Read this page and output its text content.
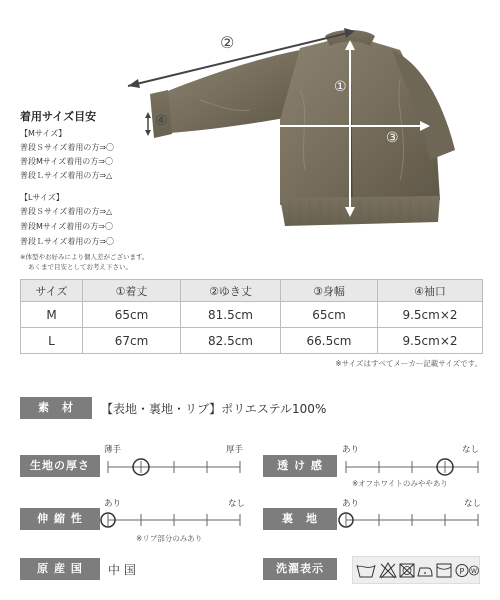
②
①
③
④
着用サイズ目安
【Mサイズ】
普段Ｓサイズ着用の方⇒〇
普段Mサイズ着用の方⇒〇
普段Ｌサイズ着用の方⇒△
【Lサイズ】
普段Ｓサイズ着用の方⇒△
普段Mサイズ着用の方⇒〇
普段Ｌサイズ着用の方⇒〇
※体型やお好みにより個人差がございます。
あくまで目安としてお考え下さい。
サイズ	①着丈	②ゆき丈	③身幅	④袖口
M	65cm	81.5cm	65cm	9.5cm×2
L	67cm	82.5cm	66.5cm	9.5cm×2
※サイズはすべてメーカー記載サイズです。
素　材	【表地・裏地・リブ】ポリエステル100%
生地の厚さ
薄手	厚手
透 け 感
あり	なし
※オフホワイトのみややあり
伸 縮 性
あり	なし
※リブ部分のみあり
裏　地
あり	なし
原 産 国	中 国	洗濯表示	P W
